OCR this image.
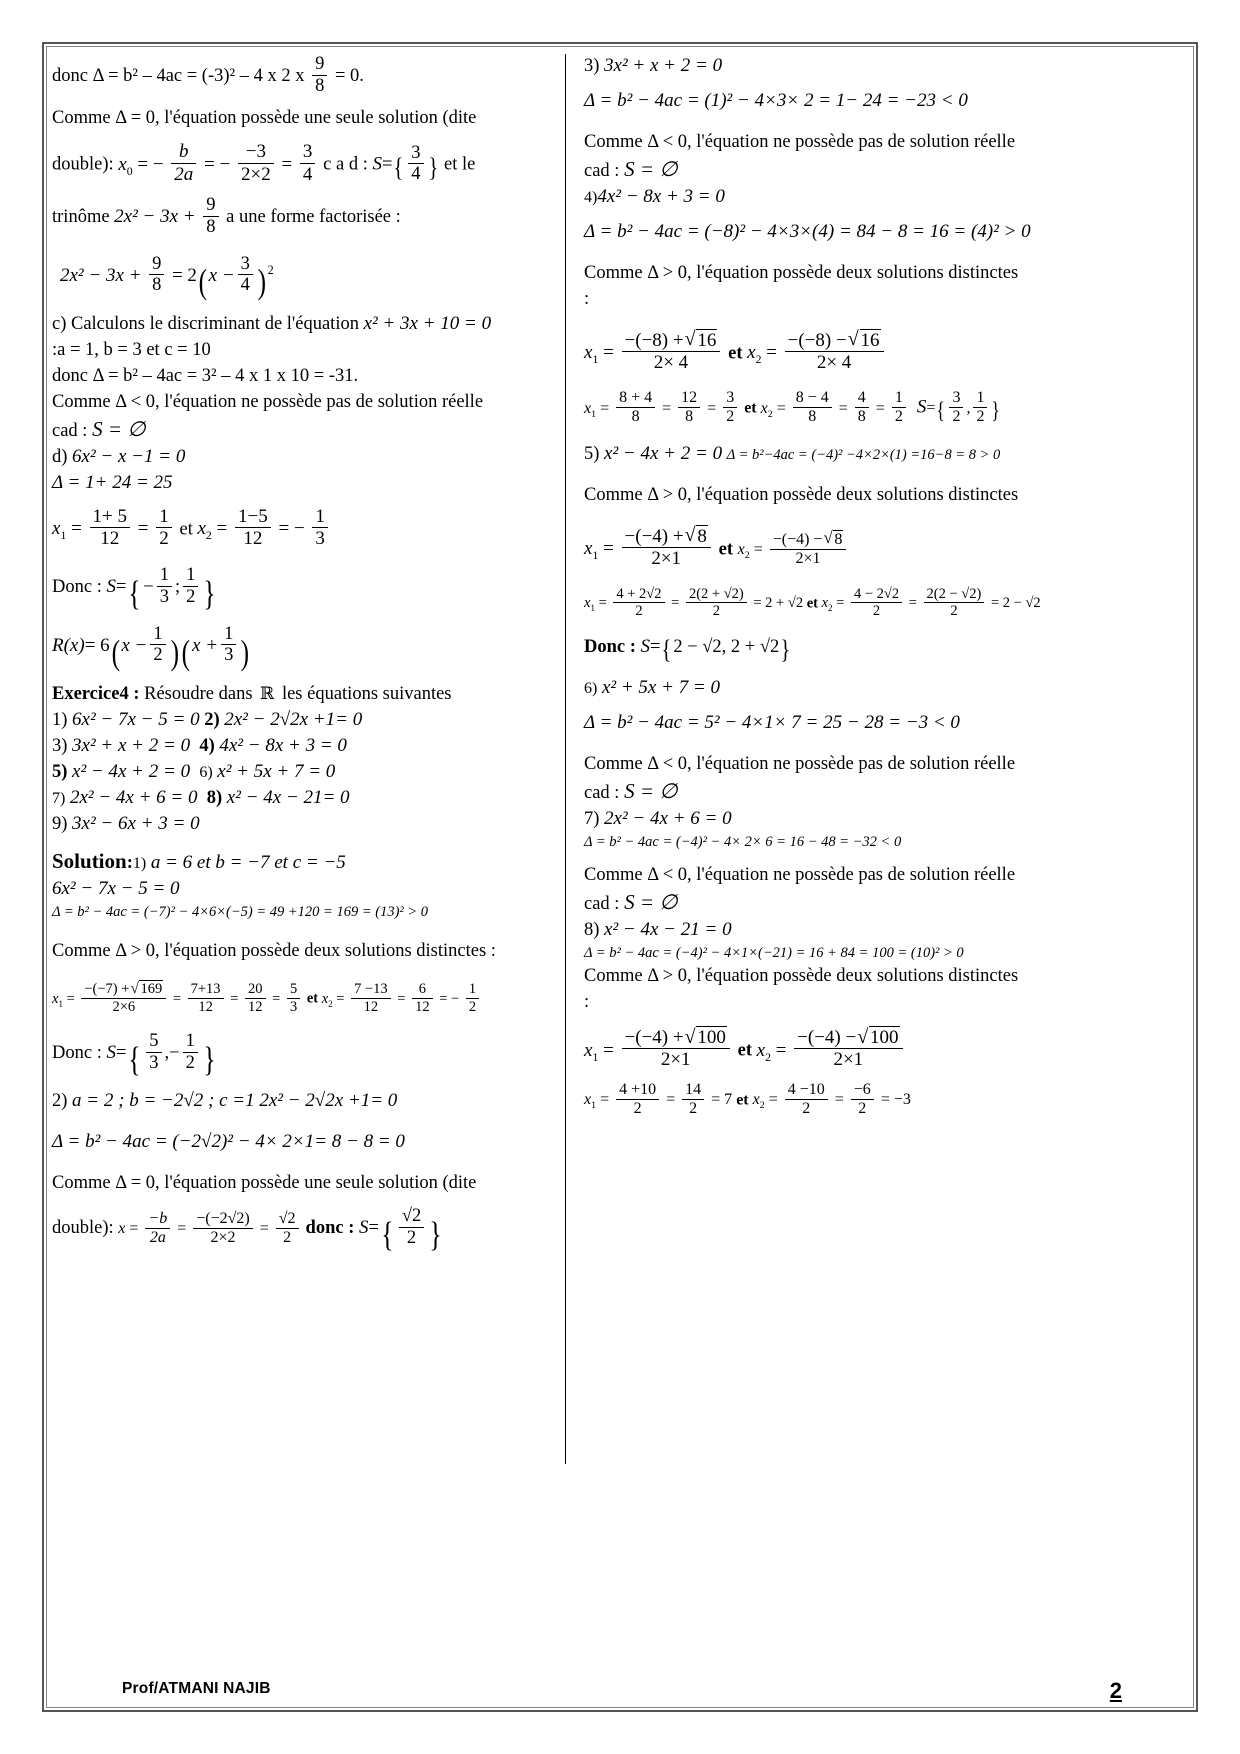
donc Δ = b² – 4ac = (-3)² – 4 x 2 x $\frac{9}{8} = 0$.

Comme Δ = 0, l'équation possède une seule solution (dite

double): $x_0$ = − $\frac{b}{2a}$ = − $\frac{-3}{2\times 2} = \frac{3}{4}$ c a d : $S=\{ \frac{3}{4}$ } et le

trinôme $2x^2 - 3x + \frac{9}{8}$ a une forme factorisée :

$2x^2 - 3x + \frac{9}{8} = 2(x - \frac{3}{4}$ ) $^2$

c) Calculons le discriminant de l'équation x² + 3x + 10 = 0

:a = 1, b = 3 et c = 10

donc Δ = b² – 4ac = 3² – 4 x 1 x 10 = -31.

Comme Δ < 0, l'équation ne possède pas de solution réelle

cad : S = ∅

d) 6x² − x −1 = 0

Δ = 1+ 24 = 25

$x_1 = \frac{1+ 5}{12} = \frac{1}{2}$ et $x_2 = \frac{1-5}{12}$ = − $\frac{1}{3}$

Donc : $S=\{ - \frac{1}{3}$ ; $\frac{1}{2}$ }

$R(x)= 6(x - \frac{1}{2} )(x + \frac{1}{3}$ )

Exercice4 : Résoudre dans ℝ les équations suivantes

1) 6x² − 7x − 5 = 0 2) 2x² − 2√2x +1= 0

3) 3x² + x + 2 = 0 4) 4x² − 8x + 3 = 0

5) x² − 4x + 2 = 0 6) x² + 5x + 7 = 0

7) 2x² − 4x + 6 = 0 8) x² − 4x − 21= 0

9) 3x² − 6x + 3 = 0

Solution:1) a = 6 et b = −7 et c = −5

6x² − 7x − 5 = 0

Δ = b² − 4ac = (−7)² − 4×6×(−5) = 49 +120 = 169 = (13)² > 0

Comme Δ > 0, l'équation possède deux solutions distinctes :

$x_1 = \frac{-(-7) + √ 169}{2\times 6} = \frac{7+13}{12} = \frac{20}{12} = \frac{5}{3}$ et $x_2 = \frac{7 -13}{12} = \frac{6}{12}$ = − $\frac{1}{2}$

Donc : $S=\{ \frac{5}{3}$ ,− $\frac{1}{2}$ }

2) a = 2 ; b = −2√2 ; c =1 2x² − 2√2x +1= 0

Δ = b² − 4ac = (−2√2)² − 4× 2×1= 8 − 8 = 0

Comme Δ = 0, l'équation possède une seule solution (dite

double): $x = \frac{-b}{2a} = \frac{-(-2√2)}{2\times 2} = \frac{√2}{2}$ donc : $S=\{ \frac{√2}{2}$ }

3) 3x² + x + 2 = 0

Δ = b² − 4ac = (1)² − 4×3× 2 = 1− 24 = −23 < 0

Comme Δ < 0, l'équation ne possède pas de solution réelle

cad : S = ∅

4)4x² − 8x + 3 = 0

Δ = b² − 4ac = (−8)² − 4×3×(4) = 84 − 8 = 16 = (4)² > 0

Comme Δ > 0, l'équation possède deux solutions distinctes

:

$x_1 = \frac{-(-8) + √ 16}{2\times 4}$ et $x_2 = \frac{-(-8) - √ 16}{2\times 4}$

$x_1 = \frac{8 + 4}{8} = \frac{12}{8} = \frac{3}{2}$ et $x_2 = \frac{8 - 4}{8} = \frac{4}{8} = \frac{1}{2} S=\{ \frac{3}{2}$ , $\frac{1}{2}$ }

5) x² − 4x + 2 = 0 Δ = b²−4ac = (−4)² −4×2×(1) =16−8 = 8 > 0

Comme Δ > 0, l'équation possède deux solutions distinctes

$x_1 = \frac{-(-4) + √ 8}{2\times 1}$ et $x_2 = \frac{-(-4) - √ 8}{2\times 1}$

$x_1 = \frac{4 + 2√2}{2} = \frac{2(2 + √2)}{2} = 2 + √2$ et $x_2 = \frac{4 - 2√2}{2} = \frac{2(2 - √2)}{2} = 2 - √2$

Donc : S={2 − √2, 2 + √2}

6) x² + 5x + 7 = 0

Δ = b² − 4ac = 5² − 4×1× 7 = 25 − 28 = −3 < 0

Comme Δ < 0, l'équation ne possède pas de solution réelle

cad : S = ∅

7) 2x² − 4x + 6 = 0

Δ = b² − 4ac = (−4)² − 4× 2× 6 = 16 − 48 = −32 < 0

Comme Δ < 0, l'équation ne possède pas de solution réelle

cad : S = ∅

8) x² − 4x − 21 = 0

Δ = b² − 4ac = (−4)² − 4×1×(−21) = 16 + 84 = 100 = (10)² > 0

Comme Δ > 0, l'équation possède deux solutions distinctes

:

$x_1 = \frac{-(-4) + √ 100}{2\times 1}$ et $x_2 = \frac{-(-4) - √ 100}{2\times 1}$

$x_1 = \frac{4 +10}{2} = \frac{14}{2} = 7$ et $x_2 = \frac{4 -10}{2} = \frac{-6}{2} = -3$

Prof/ATMANI NAJIB	2
